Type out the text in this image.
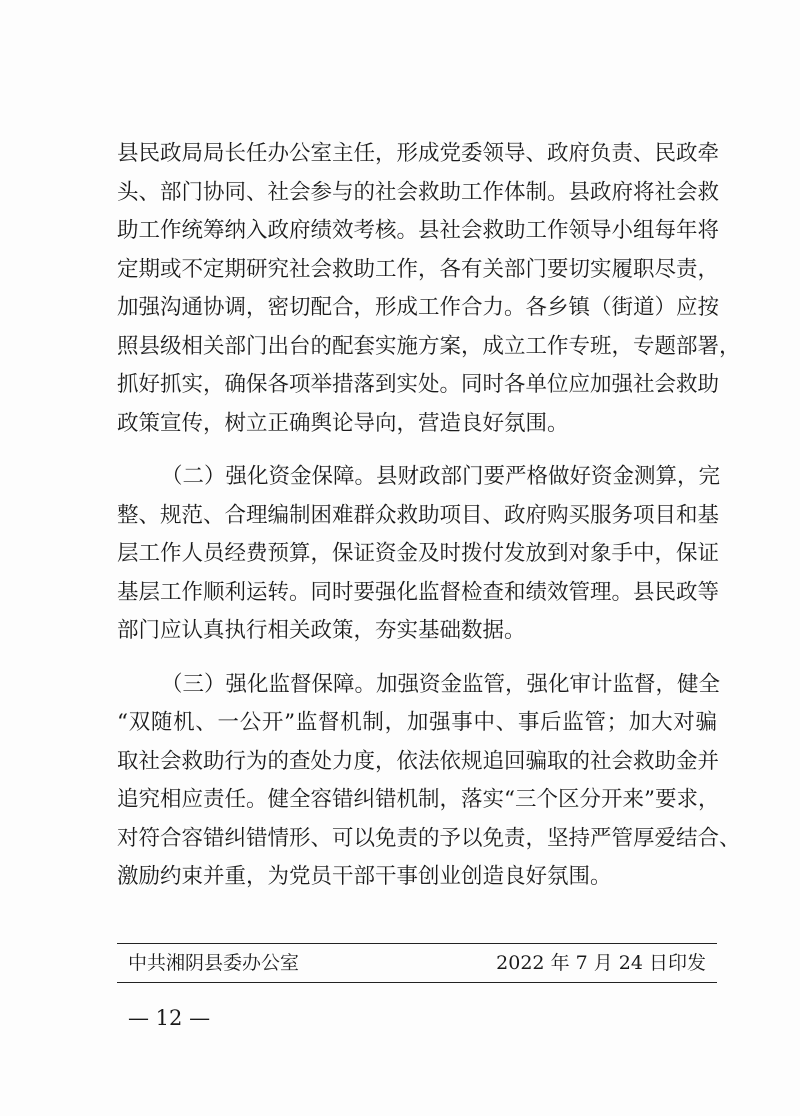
县民政局局长任办公室主任，形成党委领导、政府负责、民政牵
头、部门协同、社会参与的社会救助工作体制。县政府将社会救
助工作统筹纳入政府绩效考核。县社会救助工作领导小组每年将
定期或不定期研究社会救助工作，各有关部门要切实履职尽责，
加强沟通协调，密切配合，形成工作合力。各乡镇（街道）应按
照县级相关部门出台的配套实施方案，成立工作专班，专题部署，
抓好抓实，确保各项举措落到实处。同时各单位应加强社会救助
政策宣传，树立正确舆论导向，营造良好氛围。
（二）强化资金保障。县财政部门要严格做好资金测算，完
整、规范、合理编制困难群众救助项目、政府购买服务项目和基
层工作人员经费预算，保证资金及时拨付发放到对象手中，保证
基层工作顺利运转。同时要强化监督检查和绩效管理。县民政等
部门应认真执行相关政策，夯实基础数据。
（三）强化监督保障。加强资金监管，强化审计监督，健全
“双随机、一公开”监督机制，加强事中、事后监管；加大对骗
取社会救助行为的查处力度，依法依规追回骗取的社会救助金并
追究相应责任。健全容错纠错机制，落实“三个区分开来”要求，
对符合容错纠错情形、可以免责的予以免责，坚持严管厚爱结合、
激励约束并重，为党员干部干事创业创造良好氛围。
中共湘阴县委办公室	2022 年 7 月 24 日印发
— 12 —
